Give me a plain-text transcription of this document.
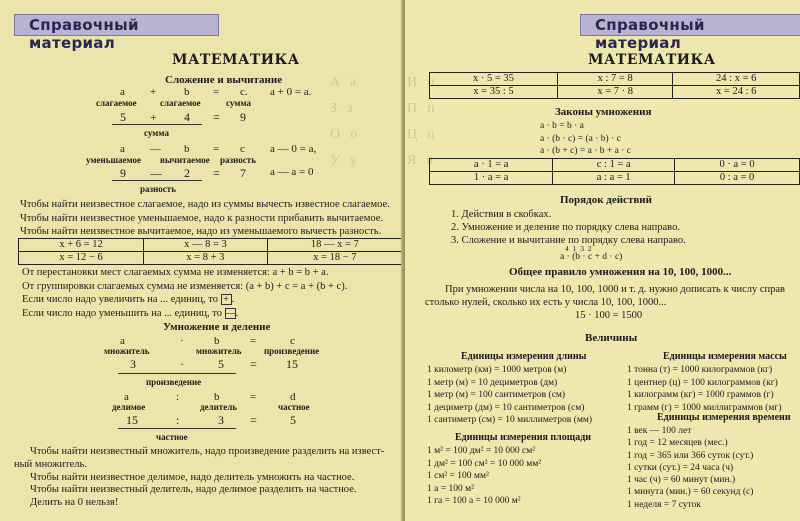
Аа
Зз
Оо
Уу
Справочный материал
МАТЕМАТИКА
Сложение и вычитание
a +	b = c. a + 0 = a.
слагаемое	слагаемое	сумма
5 + 4 = 9
сумма
a — b = c a — 0 = a,
уменьшаемое вычитаемое разность
9 — 2 = 7 a — a = 0
разность
Чтобы найти неизвестное слагаемое, надо из суммы вычесть известное слагаемое.
Чтобы найти неизвестное уменьшаемое, надо к разности прибавить вычитаемое.
Чтобы найти неизвестное вычитаемое, надо из уменьшаемого вычесть разность.
x + 6 = 12	x — 8 = 3	18 — x = 7
x = 12 − 6	x = 8 + 3	x = 18 − 7
От перестановки мест слагаемых сумма не изменяется: a + b = b + a.
От группировки слагаемых сумма не изменяется: (a + b) + c = a + (b + c).
Если число надо увеличить на ... единиц, то + .
Если число надо уменьшить на ... единиц, то —.
Умножение и деление
a	·	b	=	c
множитель	множитель произведение
3	·	5 = 15
произведение
a	:	b	=	d
делимое	делитель	частное
15	:	3 =	5
частное
Чтобы найти неизвестный множитель, надо произведение разделить на извест-
ный множитель.
Чтобы найти неизвестное делимое, надо делитель умножить на частное.
Чтобы найти неизвестный делитель, надо делимое разделить на частное.
Делить на 0 нельзя!
Ии
Пп
Цц
Яя
Справочный материал
МАТЕМАТИКА
x · 5 = 35	x : 7 = 8	24 : x = 6
x = 35 : 5	x = 7 · 8	x = 24 : 6
Законы умножения
a · b = b · a
a · (b · c) = (a · b) · c
a · (b + c) = a · b + a · c
a · 1 = a	c : 1 = a	0 · a = 0
1 · a = a	a : a = 1	0 : a = 0
Порядок действий
1. Действия в скобках.
2. Умножение и деление по порядку слева направо.
3. Сложение и вычитание по порядку слева направо.
4 1 3 2
a · (b · c + d · c)
Общее правило умножения на 10, 100, 1000...
При умножении числа на 10, 100, 1000 и т. д. нужно дописать к числу справ
столько нулей, сколько их есть у числа 10, 100, 1000...
15 · 100 = 1500
Величины
Единицы измерения длины
1 километр (км) = 1000 метров (м)
1 метр (м) = 10 дециметров (дм)
1 метр (м) = 100 сантиметров (см)
1 дециметр (дм) = 10 сантиметров (см)
1 сантиметр (см) = 10 миллиметров (мм)
Единицы измерения площади
1 м² = 100 дм² = 10 000 см²
1 дм² = 100 см² = 10 000 мм²
1 см² = 100 мм²
1 а = 100 м²
1 га = 100 а = 10 000 м²
Единицы измерения массы
1 тонна (т) = 1000 килограммов (кг)
1 центнер (ц) = 100 килограммов (кг)
1 килограмм (кг) = 1000 граммов (г)
1 грамм (г) = 1000 миллиграммов (мг)
Единицы измерения времени
1 век — 100 лет
1 год = 12 месяцев (мес.)
1 год = 365 или 366 суток (сут.)
1 сутки (сут.) = 24 часа (ч)
1 час (ч) = 60 минут (мин.)
1 минута (мин.) = 60 секунд (с)
1 неделя = 7 суток
